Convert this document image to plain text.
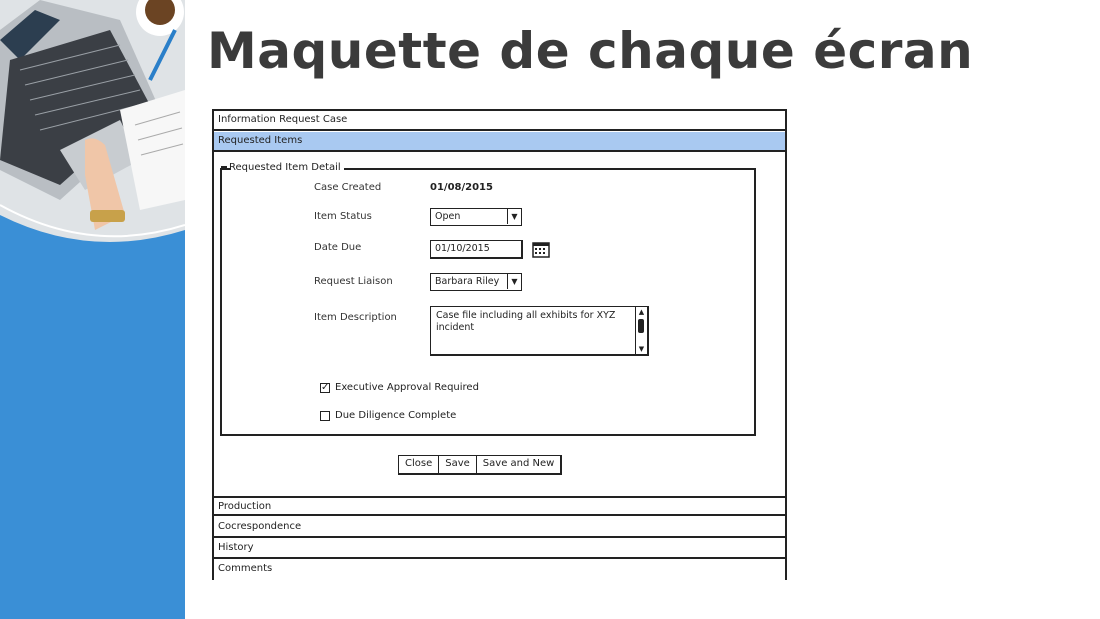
Maquette de chaque écran
Information Request Case
Requested Items
Requested Item Detail
Case Created	01/08/2015
Item Status	Open	▼
Date Due	01/10/2015
Request Liaison	Barbara Riley	▼
Item Description	Case file including all exhibits for XYZ incident
▲
▼
✓ Executive Approval Required
Due Diligence Complete
Close	Save	Save and New
Production
Cocrespondence
History
Comments
